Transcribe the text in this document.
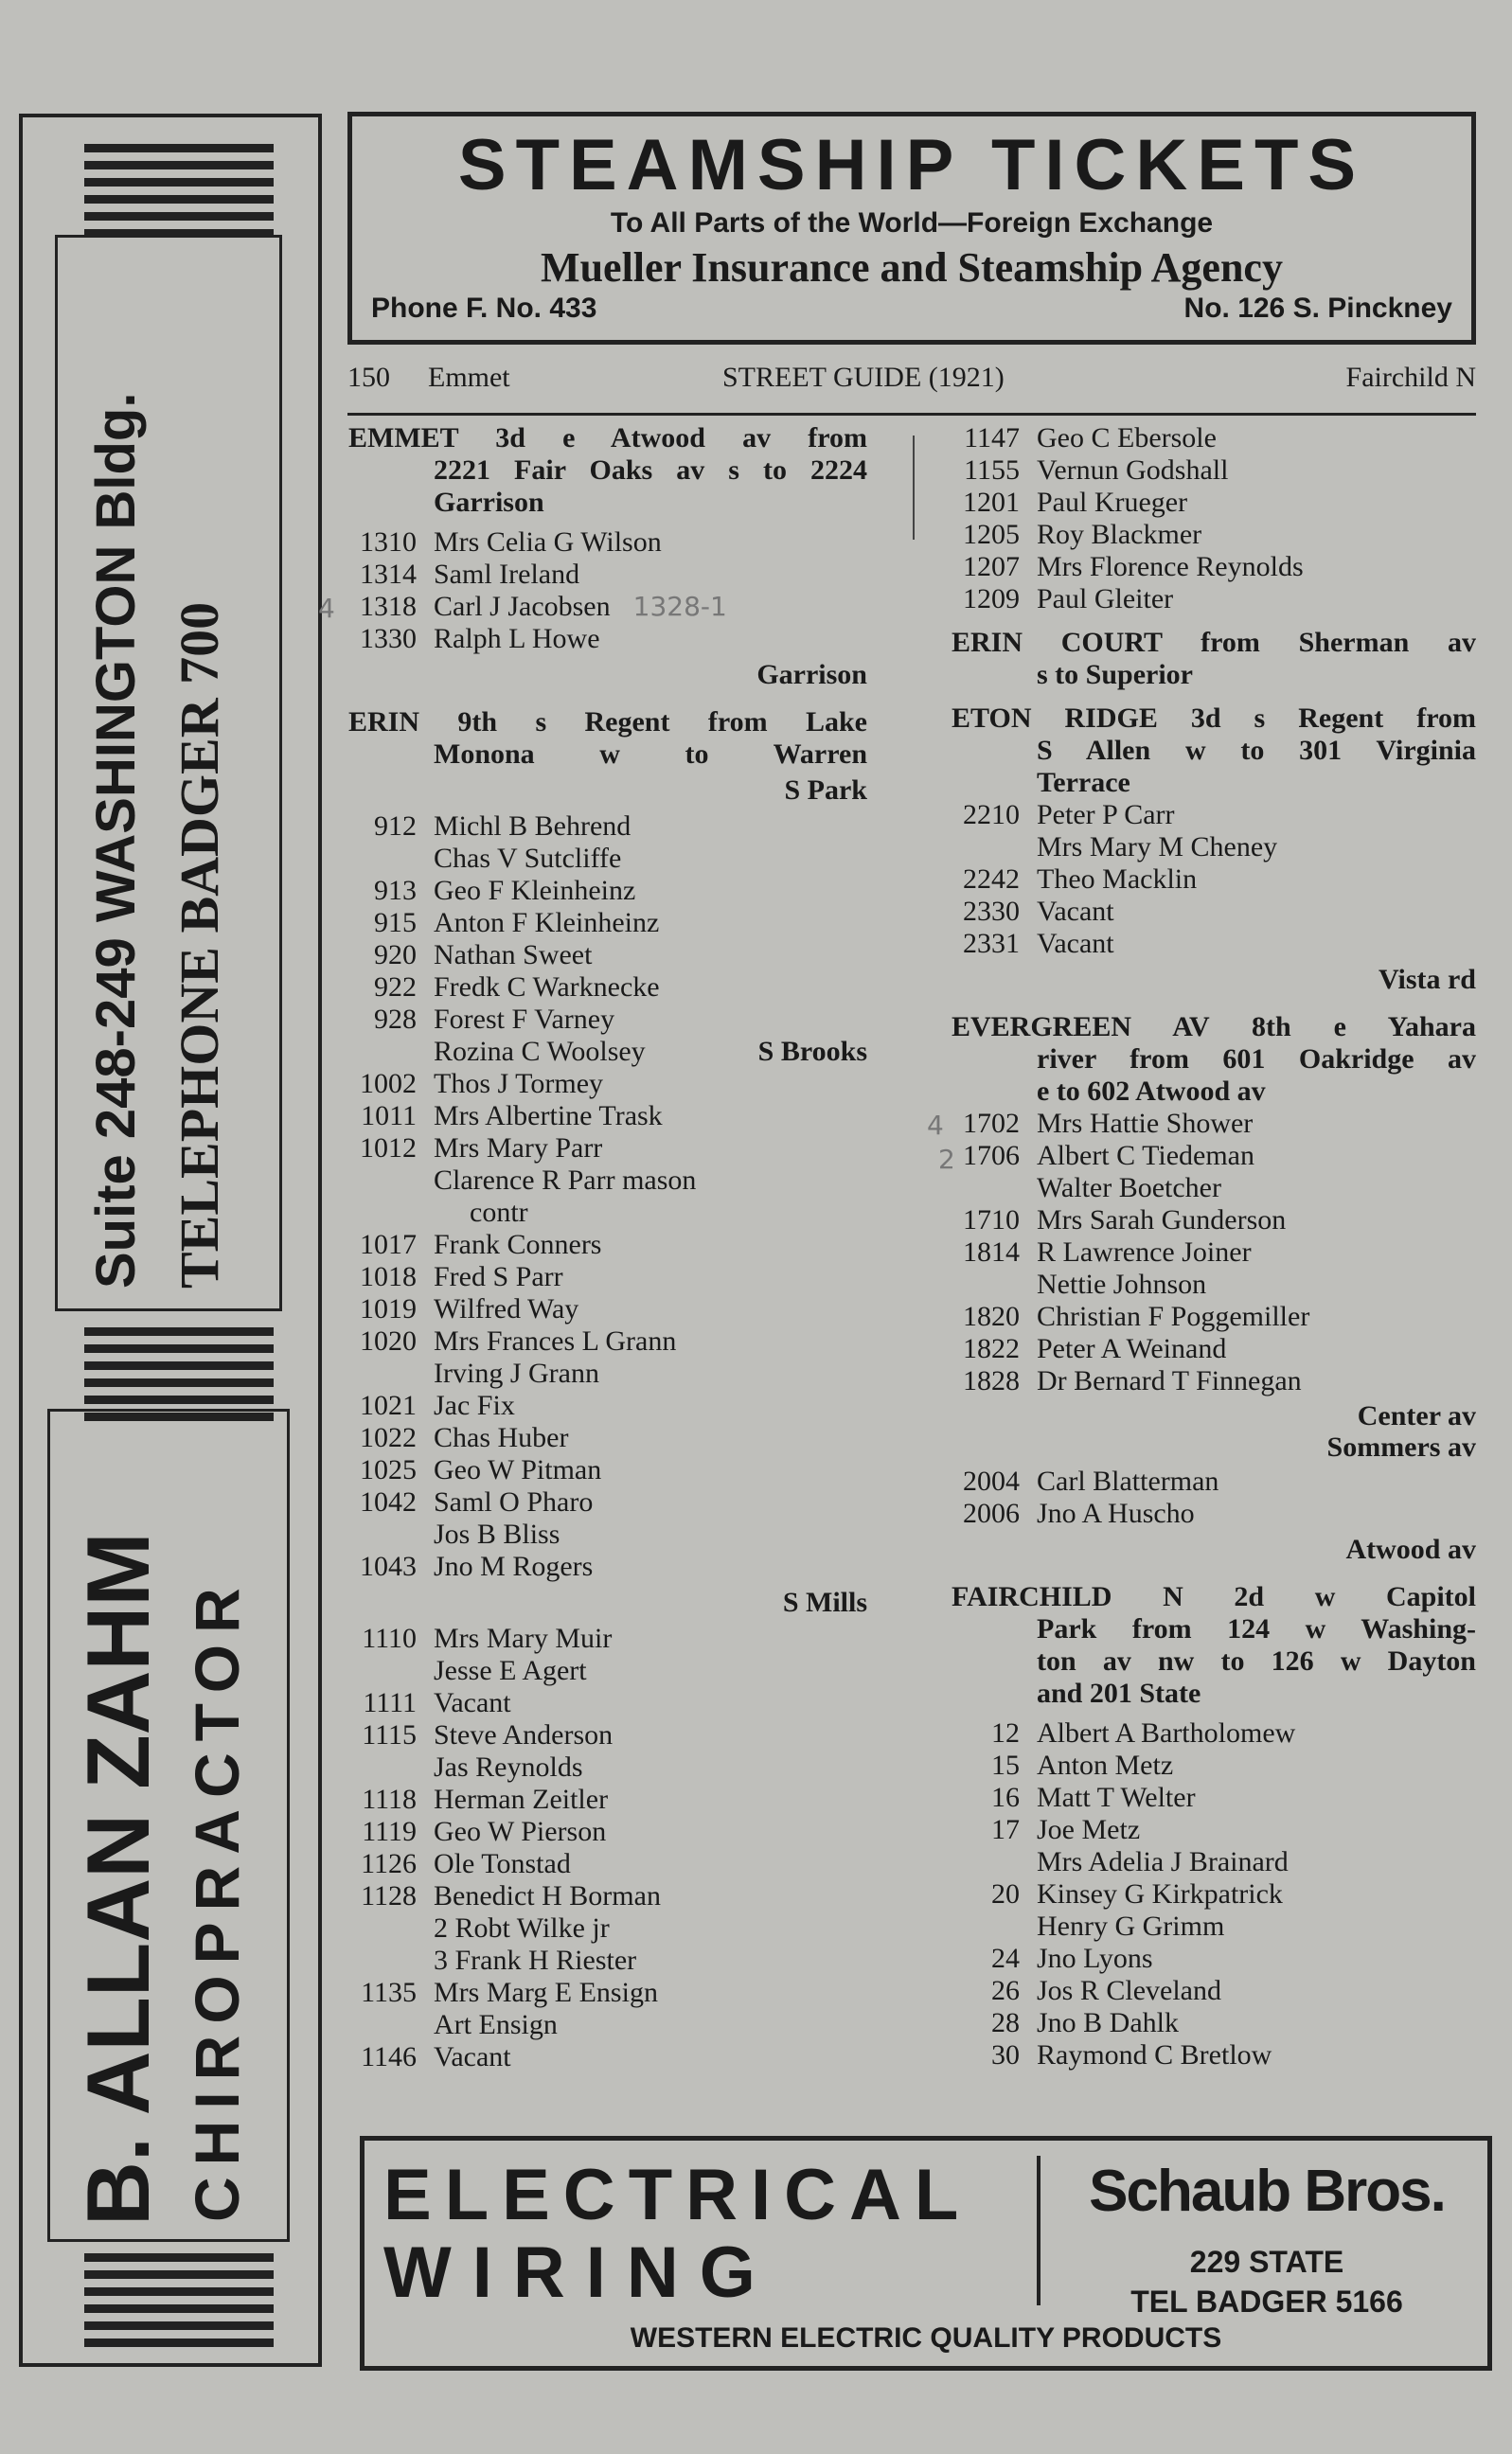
Suite 248-249 WASHINGTON Bldg. TELEPHONE BADGER 700
B. ALLAN ZAHM CHIROPRACTOR
STEAMSHIP TICKETS
To All Parts of the World—Foreign Exchange
Mueller Insurance and Steamship Agency
Phone F. No. 433	No. 126 S. Pinckney
150 Emmet	STREET GUIDE (1921)	Fairchild N
EMMET 3d e Atwood av from
2221 Fair Oaks av s to 2224
Garrison
1310 Mrs Celia G Wilson
1314 Saml Ireland
4 1318 Carl J Jacobsen 1328-1
1330 Ralph L Howe
Garrison
ERIN 9th s Regent from Lake
Monona w to Warren
S Park
912 Michl B Behrend
Chas V Sutcliffe
913 Geo F Kleinheinz
915 Anton F Kleinheinz
920 Nathan Sweet
922 Fredk C Warknecke
928 Forest F Varney
Rozina C Woolsey	S Brooks
1002 Thos J Tormey
1011 Mrs Albertine Trask
1012 Mrs Mary Parr
Clarence R Parr mason
contr
1017 Frank Conners
1018 Fred S Parr
1019 Wilfred Way
1020 Mrs Frances L Grann
Irving J Grann
1021 Jac Fix
1022 Chas Huber
1025 Geo W Pitman
1042 Saml O Pharo
Jos B Bliss
1043 Jno M Rogers
S Mills
1110 Mrs Mary Muir
Jesse E Agert
1111 Vacant
1115 Steve Anderson
Jas Reynolds
1118 Herman Zeitler
1119 Geo W Pierson
1126 Ole Tonstad
1128 Benedict H Borman
2 Robt Wilke jr
3 Frank H Riester
1135 Mrs Marg E Ensign
Art Ensign
1146 Vacant
1147 Geo C Ebersole
1155 Vernun Godshall
1201 Paul Krueger
1205 Roy Blackmer
1207 Mrs Florence Reynolds
1209 Paul Gleiter
ERIN COURT from Sherman av
s to Superior
ETON RIDGE 3d s Regent from
S Allen w to 301 Virginia
Terrace
2210 Peter P Carr
Mrs Mary M Cheney
2242 Theo Macklin
2330 Vacant
2331 Vacant
Vista rd
EVERGREEN AV 8th e Yahara
river from 601 Oakridge av
e to 602 Atwood av
4 1702 Mrs Hattie Shower
2 1706 Albert C Tiedeman
Walter Boetcher
1710 Mrs Sarah Gunderson
1814 R Lawrence Joiner
Nettie Johnson
1820 Christian F Poggemiller
1822 Peter A Weinand
1828 Dr Bernard T Finnegan
Center av
Sommers av
2004 Carl Blatterman
2006 Jno A Huscho
Atwood av
FAIRCHILD N 2d w Capitol
Park from 124 w Washing-
ton av nw to 126 w Dayton
and 201 State
12 Albert A Bartholomew
15 Anton Metz
16 Matt T Welter
17 Joe Metz
Mrs Adelia J Brainard
20 Kinsey G Kirkpatrick
Henry G Grimm
24 Jno Lyons
26 Jos R Cleveland
28 Jno B Dahlk
30 Raymond C Bretlow
ELECTRICAL
WIRING
Schaub Bros.
229 STATE
TEL BADGER 5166
WESTERN ELECTRIC QUALITY PRODUCTS
